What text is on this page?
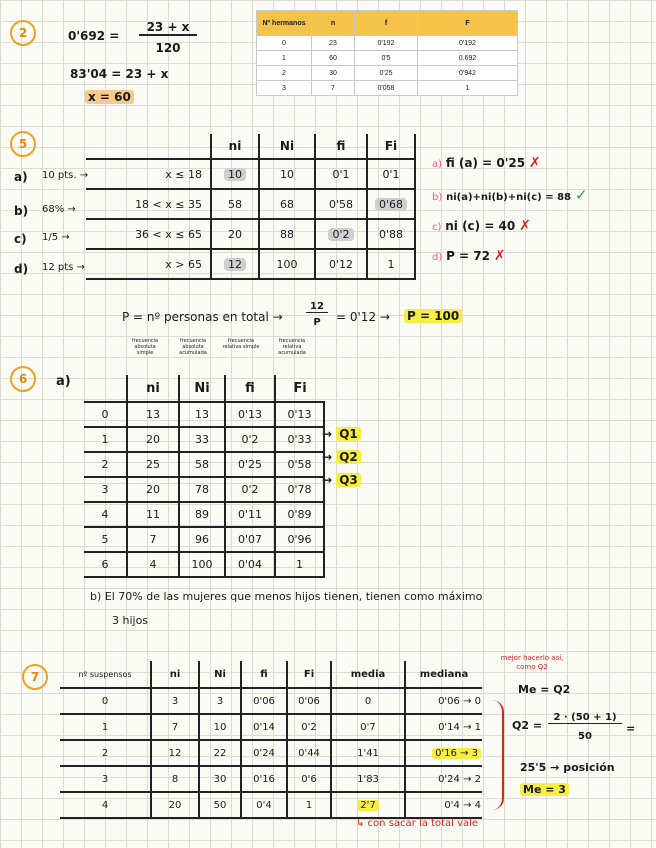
2	0'692 =
23 + x
120
83'04 = 23 + x
x = 60
Nº hermanos	n	f	F
0	23	0'192	0'192
1	60	0'5	0.692
2	30	0'25	0'942
3	7	0'058	1
5
a) 10 pts. →
b) 68% →
c) 1/5 →
d) 12 pts →
	ni	Ni	fi	Fi
x ≤ 18	10	10	0'1	0'1
18 < x ≤ 35	58	68	0'58	0'68
36 < x ≤ 65	20	88	0'2	0'88
x > 65	12	100	0'12	1
a) fi (a) = 0'25 ✗
b) ni(a)+ni(b)+ni(c) = 88 ✓
c) ni (c) = 40 ✗
d) P = 72 ✗
P = nº personas en total →
12
P	= 0'12 → P = 100
6	a)
frecuencia absoluta simple
frecuencia absoluta acumulada
frecuencia relativa simple
frecuencia relativa acumulada
	ni	Ni	fi	Fi
0	13	13	0'13	0'13
1	20	33	0'2	0'33
2	25	58	0'25	0'58
3	20	78	0'2	0'78
4	11	89	0'11	0'89
5	7	96	0'07	0'96
6	4	100	0'04	1
→ Q1
→ Q2
→ Q3
b) El 70% de las mujeres que menos hijos tienen, tienen como máximo
3 hijos
7	nº suspensos	ni	Ni	fi	Fi	media	mediana
0	3	3	0'06	0'06	0	0'06 → 0
1	7	10	0'14	0'2	0'7	0'14 → 1
2	12	22	0'24	0'44	1'41	0'16 → 3
3	8	30	0'16	0'6	1'83	0'24 → 2
4	20	50	0'4	1	2'7	0'4 → 4
mejor hacerlo así, como Q2
Me = Q2
Q2 =
2 · (50 + 1)
50
=
25'5 → posición
Me = 3
↳ con sacar la total vale
